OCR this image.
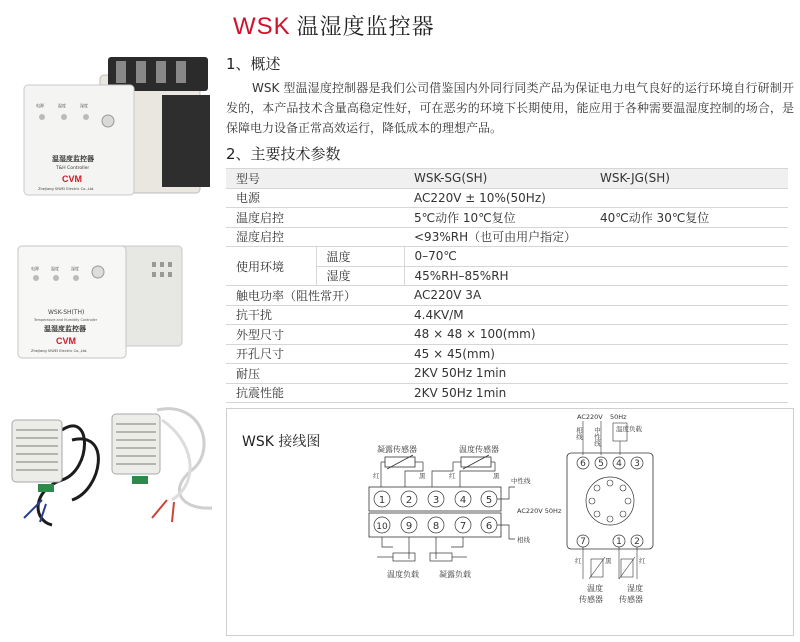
电源	温度	湿度
温湿度监控器
T&H Controller
CVM
Zhejiang SIWEI Electric Co.,Ltd.
电源	温度	湿度
WSK-SH(TH)
Temperature and Humidity Controller
温湿度监控器
CVM
Zhejiang SIWEI Electric Co.,Ltd.
WSK 温湿度监控器
1、概述
WSK 型温湿度控制器是我们公司借鉴国内外同行同类产品为保证电力电气良好的运行环境自行研制开发的，本产品技术含量高稳定性好，可在恶劣的环境下长期使用，能应用于各种需要温湿度控制的场合，是保障电力设备正常高效运行，降低成本的理想产品。
2、主要技术参数
型号		WSK-SG(SH)	WSK-JG(SH)
电源		AC220V ± 10%(50Hz)	
温度启控		5℃动作 10℃复位	40℃动作 30℃复位
湿度启控		<93%RH（也可由用户指定）	
使用环境	温度	0–70℃	
	湿度	45%RH–85%RH	
触电功率（阻性常开）		AC220V 3A	
抗干扰		4.4KV/M	
外型尺寸		48 × 48 × 100(mm)	
开孔尺寸		45 × 45(mm)	
耐压		2KV 50Hz 1min	
抗震性能		2KV 50Hz 1min	
WSK 接线图	凝露传感器	温度传感器
红	黑	红	黑
1 2 3 4 5
10 9 8 7 6
中性线
AC220V 50Hz
相线
温度负载	凝露负载
AC220V 50Hz
相线 中性线 温度负载
6 5 4 3
7	1 2
红	黑	红
温度
传感器
湿度
传感器
